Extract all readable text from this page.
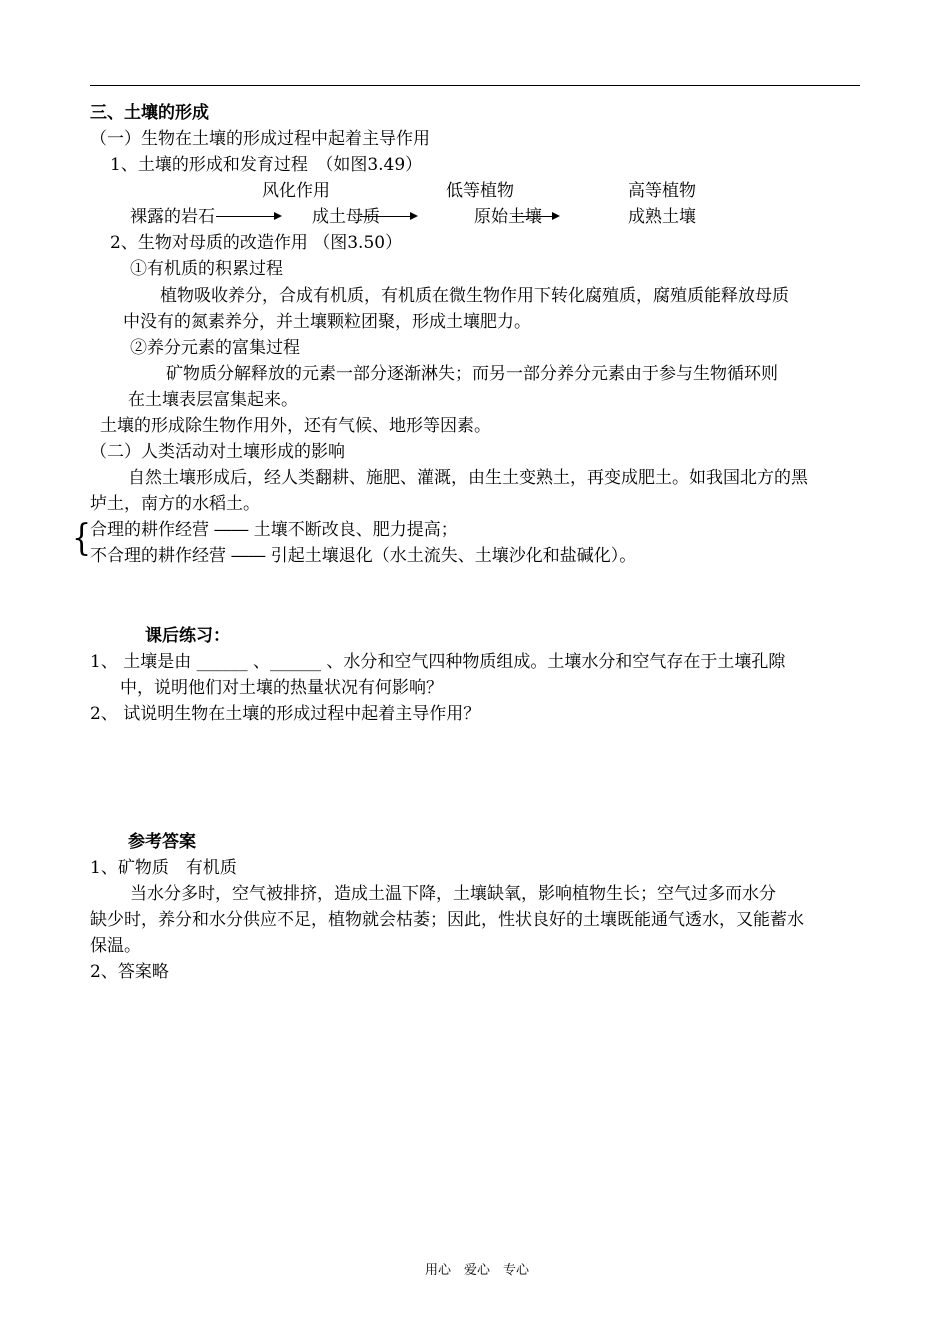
三、土壤的形成
（一）生物在土壤的形成过程中起着主导作用
1、土壤的形成和发育过程　（如图3.49）
风化作用	低等植物	高等植物
裸露的岩石	成土母质	原始土壤	成熟土壤
2、生物对母质的改造作用 （图3.50）
①有机质的积累过程
植物吸收养分，合成有机质，有机质在微生物作用下转化腐殖质，腐殖质能释放母质
中没有的氮素养分，并土壤颗粒团聚，形成土壤肥力。
②养分元素的富集过程
矿物质分解释放的元素一部分逐渐淋失；而另一部分养分元素由于参与生物循环则
在土壤表层富集起来。
土壤的形成除生物作用外，还有气候、地形等因素。
（二）人类活动对土壤形成的影响
自然土壤形成后，经人类翻耕、施肥、灌溉，由生土变熟土，再变成肥土。如我国北方的黑
垆土，南方的水稻土。
{
合理的耕作经营 ―― 土壤不断改良、肥力提高；
不合理的耕作经营 ―― 引起土壤退化（水土流失、土壤沙化和盐碱化）。
课后练习：
1、 土壤是由 ______ 、______ 、水分和空气四种物质组成。土壤水分和空气存在于土壤孔隙
中，说明他们对土壤的热量状况有何影响？
2、 试说明生物在土壤的形成过程中起着主导作用？
参考答案
1、矿物质　有机质
当水分多时，空气被排挤，造成土温下降，土壤缺氧，影响植物生长；空气过多而水分
缺少时，养分和水分供应不足，植物就会枯萎；因此，性状良好的土壤既能通气透水，又能蓄水
保温。
2、答案略
用心　爱心　专心
